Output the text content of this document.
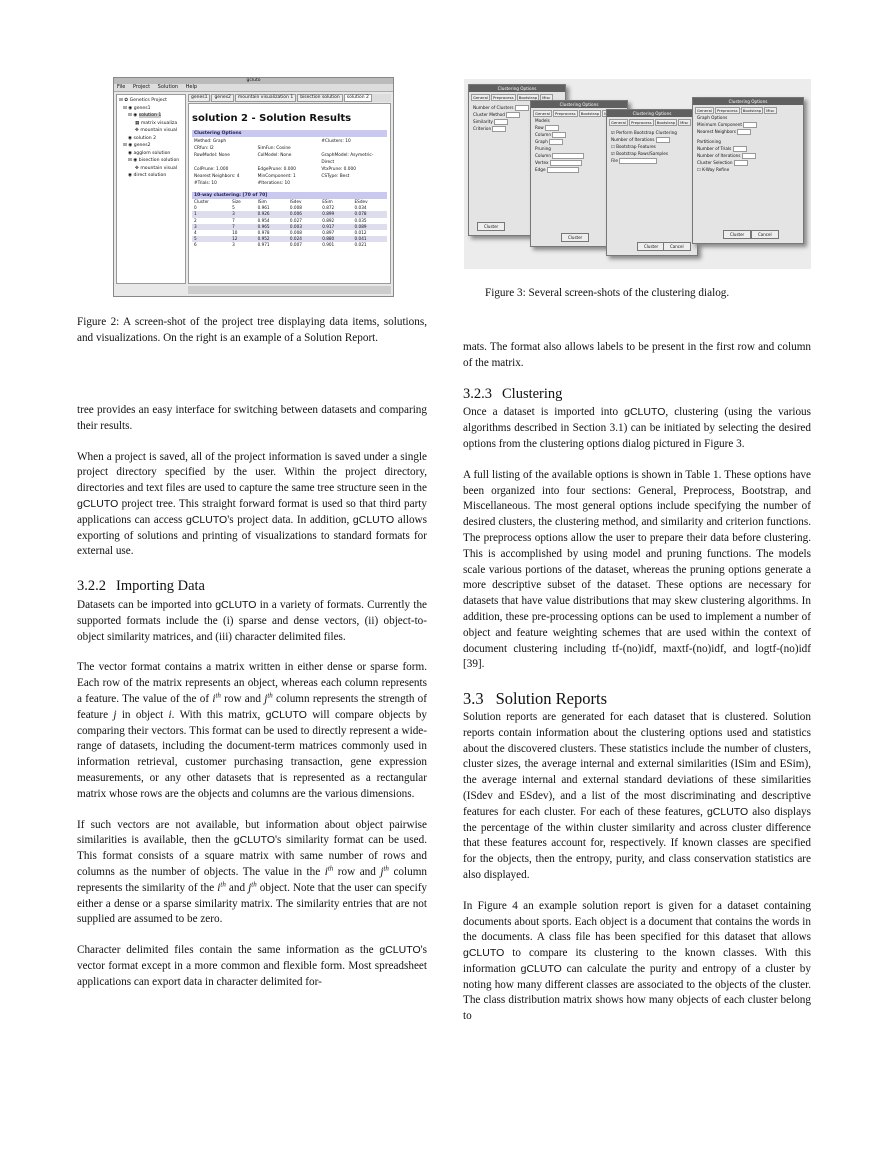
gcluto
File Project Solution Help
⊟ ✿ Genetics Project
⊟ ◉ genes1
⊟ ◉ solution 1
▦ matrix visualiza
✥ mountain visual
◉ solution 2
⊟ ◉ genes2
◉ agglom solution
⊟ ◉ bisection solution
✥ mountain visual
◉ direct solution
genes1 genes2 mountain visualization 1 bisection solution solution 2
solution 2 - Solution Results
Clustering Options
Method: Graph	#Clusters: 10
CRfun: I2	SimFun: Cosine
RowModel: None	ColModel: None	GraphModel: Asymetric-Direct
ColPrune: 1.000	EdgePrune: 0.000	VtxPrune: 0.000
Nearest Neighbors: 4	MinComponent: 1	CSType: Best
#Trials: 10	#Iterations: 10
10-way clustering: [70 of 70]
Cluster	Size	ISim	ISdev	ESim	ESdev
0	5	0.961	0.008	0.872	0.034
1	3	0.926	0.006	0.899	0.078
2	7	0.954	0.027	0.892	0.035
3	7	0.965	0.003	0.917	0.089
4	10	0.978	0.008	0.897	0.012
5	12	0.952	0.024	0.880	0.041
6	3	0.971	0.007	0.901	0.021
Figure 2: A screen-shot of the project tree displaying data items, solutions, and visualizations. On the right is an example of a Solution Report.
Clustering Options
General Preprocess Bootstrap Misc
Number of Clusters
Cluster Method
Similarity
Criterion
Cluster
Clustering Options
General Preprocess Bootstrap
Models
Row
Column
Graph
Pruning
Column
Vertex
Edge
Cluster
Clustering Options
General Preprocess Bootstrap Misc
☑ Perform Bootstrap Clustering
Number of Iterations
☐ Bootstrap Features
☑ Bootstrap Rows/Samples
File
Cluster	Cancel
Clustering Options
General Preprocess Bootstrap Misc
Graph Options
Minimum Component
Nearest Neighbors
Partitioning
Number of Trials
Number of Iterations
Cluster Selection
☐ K-Way Refine
Cluster	Cancel
Figure 3: Several screen-shots of the clustering dialog.

tree provides an easy interface for switching between datasets and comparing their results.

When a project is saved, all of the project information is saved under a single project directory specified by the user. Within the project directory, directories and text files are used to capture the same tree structure seen in the gCLUTO project tree. This straight forward format is used so that third party applications can access gCLUTO's project data. In addition, gCLUTO allows exporting of solutions and printing of visualizations to standard formats for external use.

3.2.2 Importing Data

Datasets can be imported into gCLUTO in a variety of formats. Currently the supported formats include the (i) sparse and dense vectors, (ii) object-to-object similarity matrices, and (iii) character delimited files.

The vector format contains a matrix written in either dense or sparse form. Each row of the matrix represents an object, whereas each column represents a feature. The value of the of $i^{th}$ row and $j^{th}$ column represents the strength of feature j in object i. With this matrix, gCLUTO will compare objects by comparing their vectors. This format can be used to directly represent a wide-range of datasets, including the document-term matrices commonly used in information retrieval, customer purchasing transaction, gene expression measurements, or any other datasets that is represented as a rectangular matrix whose rows are the objects and columns are the various dimensions.

If such vectors are not available, but information about object pairwise similarities is available, then the gCLUTO's similarity format can be used. This format consists of a square matrix with same number of rows and columns as the number of objects. The value in the $i^{th}$ row and $j^{th}$ column represents the similarity of the $i^{th}$ and $j^{th}$ object. Note that the user can specify either a dense or a sparse similarity matrix. The similarity entries that are not supplied are assumed to be zero.

Character delimited files contain the same information as the gCLUTO's vector format except in a more common and flexible form. Most spreadsheet applications can export data in character delimited for-

mats. The format also allows labels to be present in the first row and column of the matrix.

3.2.3 Clustering

Once a dataset is imported into gCLUTO, clustering (using the various algorithms described in Section 3.1) can be initiated by selecting the desired options from the clustering options dialog pictured in Figure 3.

A full listing of the available options is shown in Table 1. These options have been organized into four sections: General, Preprocess, Bootstrap, and Miscellaneous. The most general options include specifying the number of desired clusters, the clustering method, and similarity and criterion functions. The preprocess options allow the user to prepare their data before clustering. This is accomplished by using model and pruning functions. The models scale various portions of the dataset, whereas the pruning options generate a more descriptive subset of the dataset. These options are necessary for datasets that have value distributions that may skew clustering algorithms. In addition, these pre-processing options can be used to implement a number of object and feature weighting schemes that are used within the context of document clustering including tf-(no)idf, maxtf-(no)idf, and logtf-(no)idf [39].

3.3 Solution Reports

Solution reports are generated for each dataset that is clustered. Solution reports contain information about the clustering options used and statistics about the discovered clusters. These statistics include the number of clusters, cluster sizes, the average internal and external similarities (ISim and ESim), the average internal and external standard deviations of these similarities (ISdev and ESdev), and a list of the most discriminating and descriptive features for each cluster. For each of these features, gCLUTO also displays the percentage of the within cluster similarity and across cluster difference that these features account for, respectively. If known classes are specified for the objects, then the entropy, purity, and class conservation statistics are also displayed.

In Figure 4 an example solution report is given for a dataset containing documents about sports. Each object is a document that contains the words in the documents. A class file has been specified for this dataset that allows gCLUTO to compare its clustering to the known classes. With this information gCLUTO can calculate the purity and entropy of a cluster by noting how many different classes are associated to the objects of the cluster. The class distribution matrix shows how many objects of each cluster belong to
